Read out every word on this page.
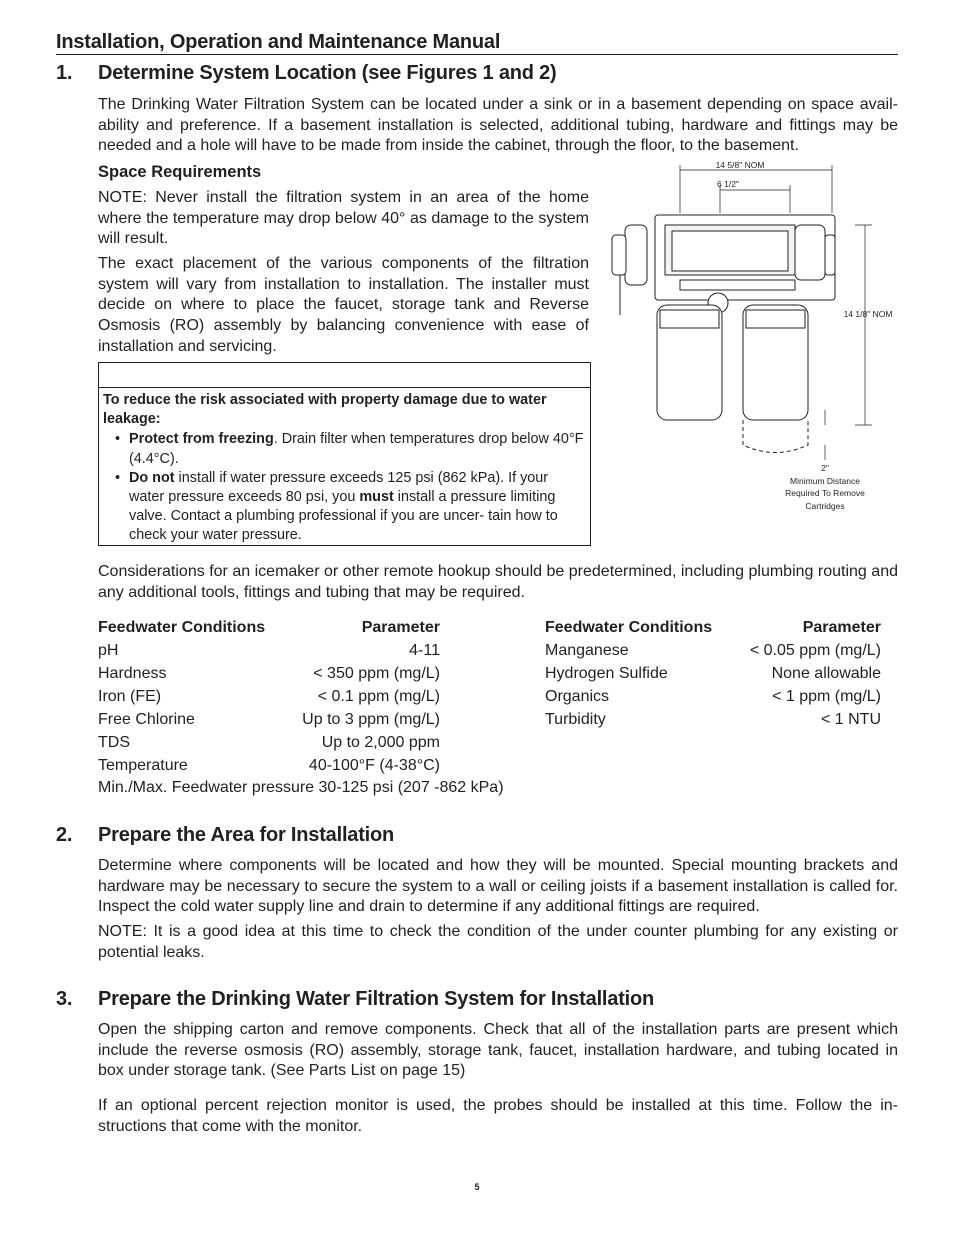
Installation, Operation and Maintenance Manual
1. Determine System Location (see Figures 1 and 2)
The Drinking Water Filtration System can be located under a sink or in a basement depending on space avail- ability and preference. If a basement installation is selected, additional tubing, hardware and fittings may be needed and a hole will have to be made from inside the cabinet, through the floor, to the basement.
Space Requirements
NOTE: Never install the filtration system in an area of the home where the temperature may drop below 40° as damage to the system will result.
The exact placement of the various components of the filtration system will vary from installation to installation. The installer must decide on where to place the faucet, storage tank and Reverse Osmosis (RO) assembly by balancing convenience with ease of installation and servicing.
To reduce the risk associated with property damage due to water leakage:
• Protect from freezing. Drain filter when temperatures drop below 40°F (4.4°C).
• Do not install if water pressure exceeds 125 psi (862 kPa). If your water pressure exceeds 80 psi, you must install a pressure limiting valve. Contact a plumbing professional if you are uncer- tain how to check your water pressure.
14 5/8" NOM
6 1/2"
14 1/8" NOM
2"
Minimum Distance
Required To Remove
Cartridges
Considerations for an icemaker or other remote hookup should be predetermined, including plumbing routing and any additional tools, fittings and tubing that may be required.
Feedwater Conditions	Parameter
pH	4-11
Hardness	< 350 ppm (mg/L)
Iron (FE)	< 0.1 ppm (mg/L)
Free Chlorine	Up to 3 ppm (mg/L)
TDS	Up to 2,000 ppm
Temperature	40-100°F (4-38°C)
Feedwater Conditions	Parameter
Manganese	< 0.05 ppm (mg/L)
Hydrogen Sulfide	None allowable
Organics	< 1 ppm (mg/L)
Turbidity	< 1 NTU
Min./Max. Feedwater pressure 30-125 psi (207 -862 kPa)
2. Prepare the Area for Installation
Determine where components will be located and how they will be mounted. Special mounting brackets and hardware may be necessary to secure the system to a wall or ceiling joists if a basement installation is called for. Inspect the cold water supply line and drain to determine if any additional fittings are required.
NOTE: It is a good idea at this time to check the condition of the under counter plumbing for any existing or potential leaks.
3. Prepare the Drinking Water Filtration System for Installation
Open the shipping carton and remove components. Check that all of the installation parts are present which include the reverse osmosis (RO) assembly, storage tank, faucet, installation hardware, and tubing located in box under storage tank. (See Parts List on page 15)
If an optional percent rejection monitor is used, the probes should be installed at this time. Follow the in- structions that come with the monitor.
5
